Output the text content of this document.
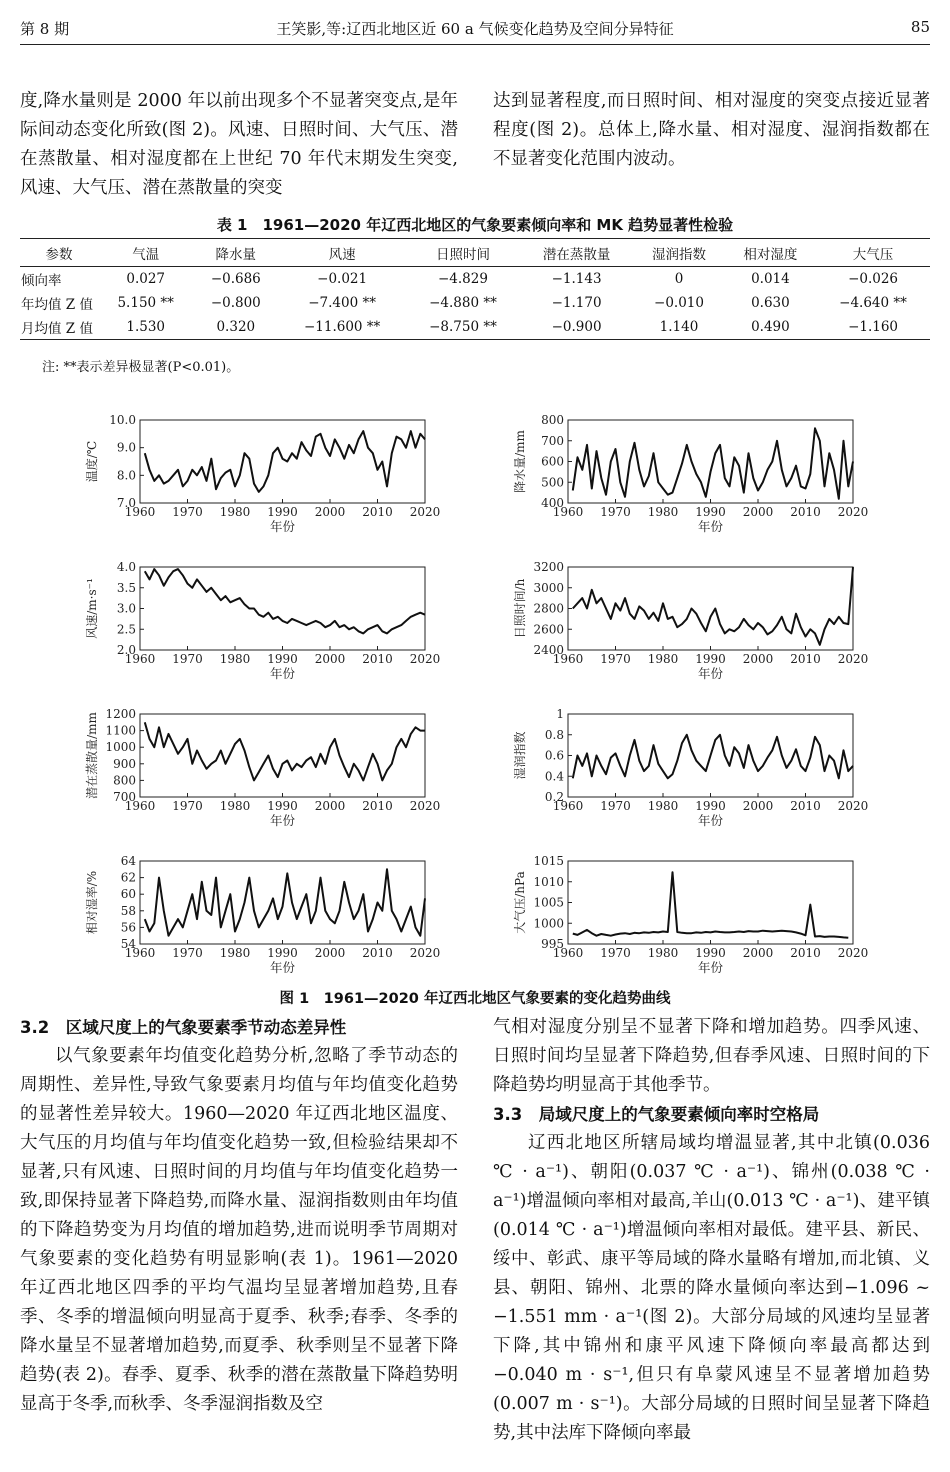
第 8 期	王笑影,等:辽西北地区近 60 a 气候变化趋势及空间分异特征	85

度,降水量则是 2000 年以前出现多个不显著突变点,是年际间动态变化所致(图 2)。风速、日照时间、大气压、潜在蒸散量、相对湿度都在上世纪 70 年代末期发生突变,风速、大气压、潜在蒸散量的突变

达到显著程度,而日照时间、相对湿度的突变点接近显著程度(图 2)。总体上,降水量、相对湿度、湿润指数都在不显著变化范围内波动。

表 1　1961—2020 年辽西北地区的气象要素倾向率和 MK 趋势显著性检验
参数	气温	降水量	风速	日照时间	潜在蒸散量	湿润指数	相对湿度	大气压
倾向率	0.027	−0.686	−0.021	−4.829	−1.143	0	0.014	−0.026
年均值 Z 值	5.150 **	−0.800	−7.400 **	−4.880 **	−1.170	−0.010	0.630	−4.640 **
月均值 Z 值	1.530	0.320	−11.600 **	−8.750 **	−0.900	1.140	0.490	−1.160
注: **表示差异极显著(P<0.01)。
7.0
8.0
9.0
10.0
1960 1970 1980 1990 2000 2010 2020
年份
温度/℃
400
500
600
700
800
1960 1970 1980 1990 2000 2010 2020
年份
降水量/mm
2.0
2.5
3.0
3.5
4.0
1960 1970 1980 1990 2000 2010 2020
年份
风速/m·s⁻¹
2400
2600
2800
3000
3200
1960 1970 1980 1990 2000 2010 2020
年份
日照时间/h
700
800
900
1000
1100
1200
1960 1970 1980 1990 2000 2010 2020
年份
潜在蒸散量/mm	0.2
0.4
0.6
0.8
1
1960 1970 1980 1990 2000 2010 2020
年份
湿润指数
54
56
58
60
62
64
1960 1970 1980 1990 2000 2010 2020
年份
相对湿率/%
995
1000
1005
1010
1015
1960 1970 1980 1990 2000 2010 2020
年份
大气压/hPa
图 1　1961—2020 年辽西北地区气象要素的变化趋势曲线

3.2　区域尺度上的气象要素季节动态差异性

以气象要素年均值变化趋势分析,忽略了季节动态的周期性、差异性,导致气象要素月均值与年均值变化趋势的显著性差异较大。1960—2020 年辽西北地区温度、大气压的月均值与年均值变化趋势一致,但检验结果却不显著,只有风速、日照时间的月均值与年均值变化趋势一致,即保持显著下降趋势,而降水量、湿润指数则由年均值的下降趋势变为月均值的增加趋势,进而说明季节周期对气象要素的变化趋势有明显影响(表 1)。1961—2020 年辽西北地区四季的平均气温均呈显著增加趋势,且春季、冬季的增温倾向明显高于夏季、秋季;春季、冬季的降水量呈不显著增加趋势,而夏季、秋季则呈不显著下降趋势(表 2)。春季、夏季、秋季的潜在蒸散量下降趋势明显高于冬季,而秋季、冬季湿润指数及空

气相对湿度分别呈不显著下降和增加趋势。四季风速、日照时间均呈显著下降趋势,但春季风速、日照时间的下降趋势均明显高于其他季节。

3.3　局域尺度上的气象要素倾向率时空格局

辽西北地区所辖局域均增温显著,其中北镇(0.036 ℃ · a⁻¹)、朝阳(0.037 ℃ · a⁻¹)、锦州(0.038 ℃ · a⁻¹)增温倾向率相对最高,羊山(0.013 ℃ · a⁻¹)、建平镇(0.014 ℃ · a⁻¹)增温倾向率相对最低。建平县、新民、绥中、彰武、康平等局域的降水量略有增加,而北镇、义县、朝阳、锦州、北票的降水量倾向率达到−1.096 ~ −1.551 mm · a⁻¹(图 2)。大部分局域的风速均呈显著下降,其中锦州和康平风速下降倾向率最高都达到−0.040 m · s⁻¹,但只有阜蒙风速呈不显著增加趋势(0.007 m · s⁻¹)。大部分局域的日照时间呈显著下降趋势,其中法库下降倾向率最
